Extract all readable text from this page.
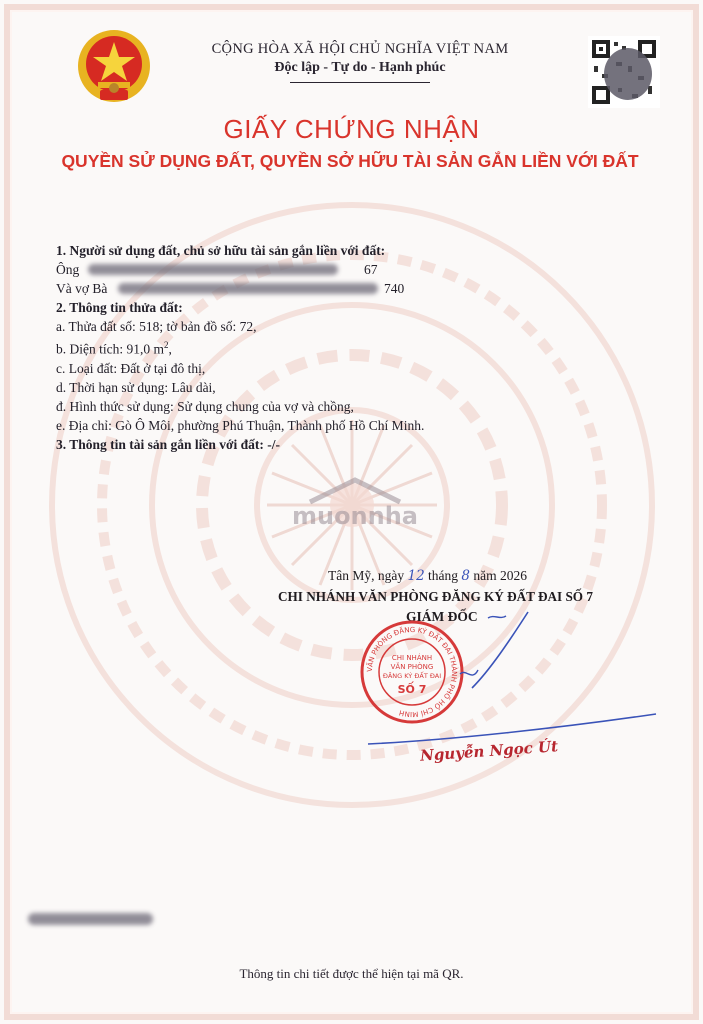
CỘNG HÒA XÃ HỘI CHỦ NGHĨA VIỆT NAM
Độc lập - Tự do - Hạnh phúc
GIẤY CHỨNG NHẬN
QUYỀN SỬ DỤNG ĐẤT, QUYỀN SỞ HỮU TÀI SẢN GẮN LIỀN VỚI ĐẤT
1. Người sử dụng đất, chủ sở hữu tài sản gắn liền với đất:
Ông	67
Và vợ Bà	740
2. Thông tin thửa đất:
a. Thửa đất số: 518; tờ bản đồ số: 72,
b. Diện tích: 91,0 $m^2$,
c. Loại đất: Đất ở tại đô thị,
d. Thời hạn sử dụng: Lâu dài,
đ. Hình thức sử dụng: Sử dụng chung của vợ và chồng,
e. Địa chỉ: Gò Ô Môi, phường Phú Thuận, Thành phố Hồ Chí Minh.
3. Thông tin tài sản gắn liền với đất: -/-
muonnha
Tân Mỹ, ngày 12 tháng 8 năm 2026
CHI NHÁNH VĂN PHÒNG ĐĂNG KÝ ĐẤT ĐAI SỐ 7
GIÁM ĐỐC
VĂN PHÒNG ĐĂNG KÝ ĐẤT ĐAI THÀNH PHỐ HỒ CHÍ MINH
CHI NHÁNH
VĂN PHÒNG
ĐĂNG KÝ ĐẤT ĐAI
SỐ 7
Nguyễn Ngọc Út
Thông tin chi tiết được thể hiện tại mã QR.
